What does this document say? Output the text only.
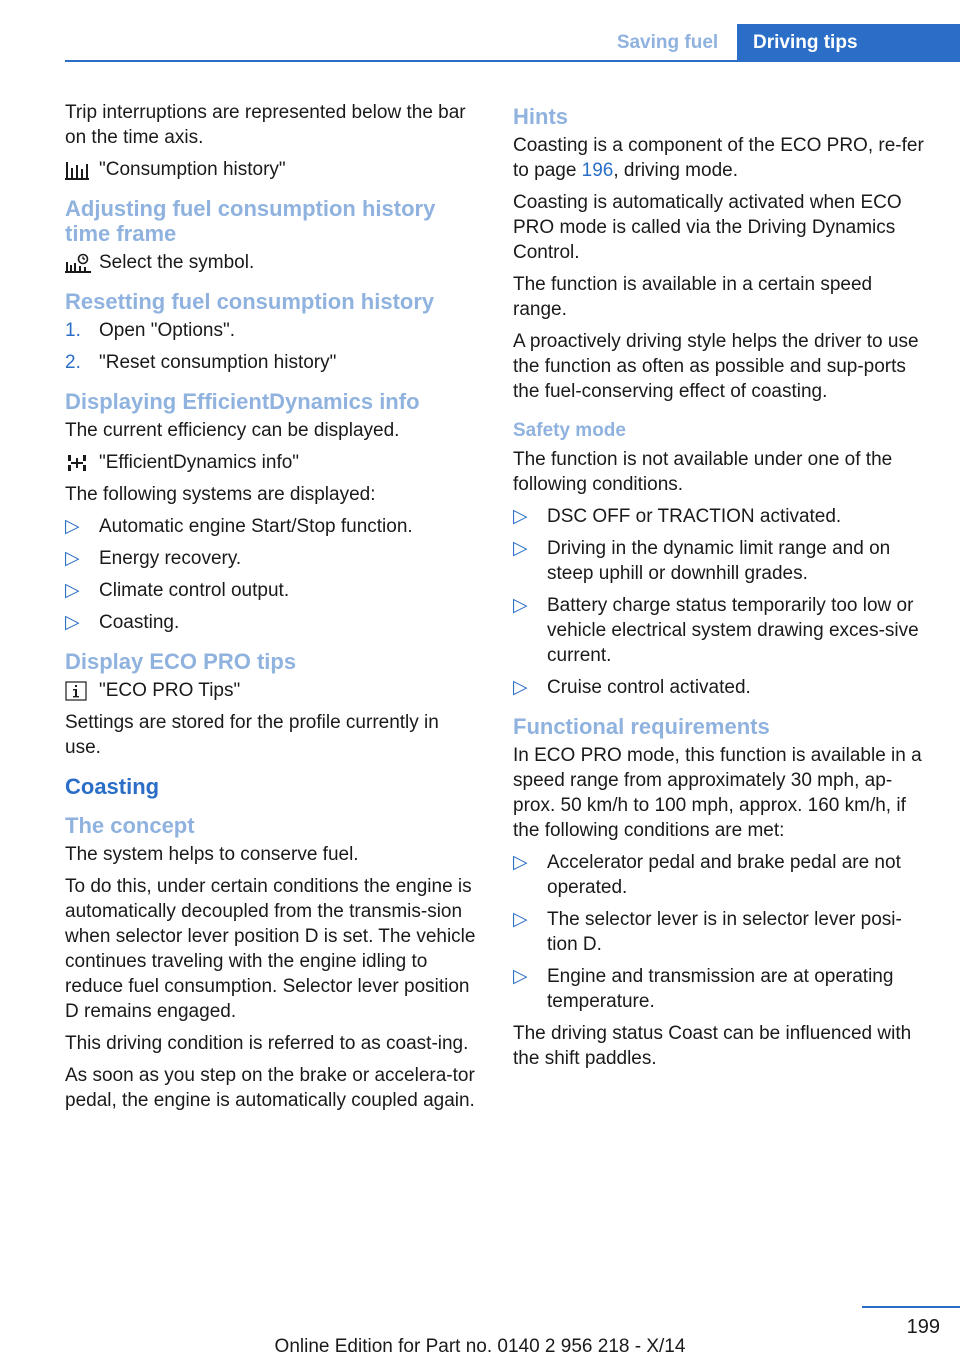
Saving fuel	Driving tips

Trip interruptions are represented below the bar on the time axis.

"Consumption history"
Adjusting fuel consumption history time frame
Select the symbol.
Resetting fuel consumption history
1. Open "Options".
2. "Reset consumption history"
Displaying EfficientDynamics info

The current efficiency can be displayed.

"EfficientDynamics info"

The following systems are displayed:

▷	Automatic engine Start/Stop function.
▷	Energy recovery.
▷	Climate control output.
▷	Coasting.
Display ECO PRO tips
"ECO PRO Tips"

Settings are stored for the profile currently in use.

Coasting
The concept

The system helps to conserve fuel.

To do this, under certain conditions the engine is automatically decoupled from the transmis‐sion when selector lever position D is set. The vehicle continues traveling with the engine idling to reduce fuel consumption. Selector lever position D remains engaged.

This driving condition is referred to as coast‐ing.

As soon as you step on the brake or accelera‐tor pedal, the engine is automatically coupled again.

Hints

Coasting is a component of the ECO PRO, re‐fer to page 196, driving mode.

Coasting is automatically activated when ECO PRO mode is called via the Driving Dynamics Control.

The function is available in a certain speed range.

A proactively driving style helps the driver to use the function as often as possible and sup‐ports the fuel-conserving effect of coasting.

Safety mode

The function is not available under one of the following conditions.

▷	DSC OFF or TRACTION activated.
▷	Driving in the dynamic limit range and on steep uphill or downhill grades.
▷	Battery charge status temporarily too low or vehicle electrical system drawing exces‐sive current.
▷	Cruise control activated.
Functional requirements

In ECO PRO mode, this function is available in a speed range from approximately 30 mph, ap‐prox. 50 km/h to 100 mph, approx. 160 km/h, if the following conditions are met:

▷	Accelerator pedal and brake pedal are not operated.
▷	The selector lever is in selector lever posi‐tion D.
▷	Engine and transmission are at operating temperature.

The driving status Coast can be influenced with the shift paddles.

199
Online Edition for Part no. 0140 2 956 218 - X/14
